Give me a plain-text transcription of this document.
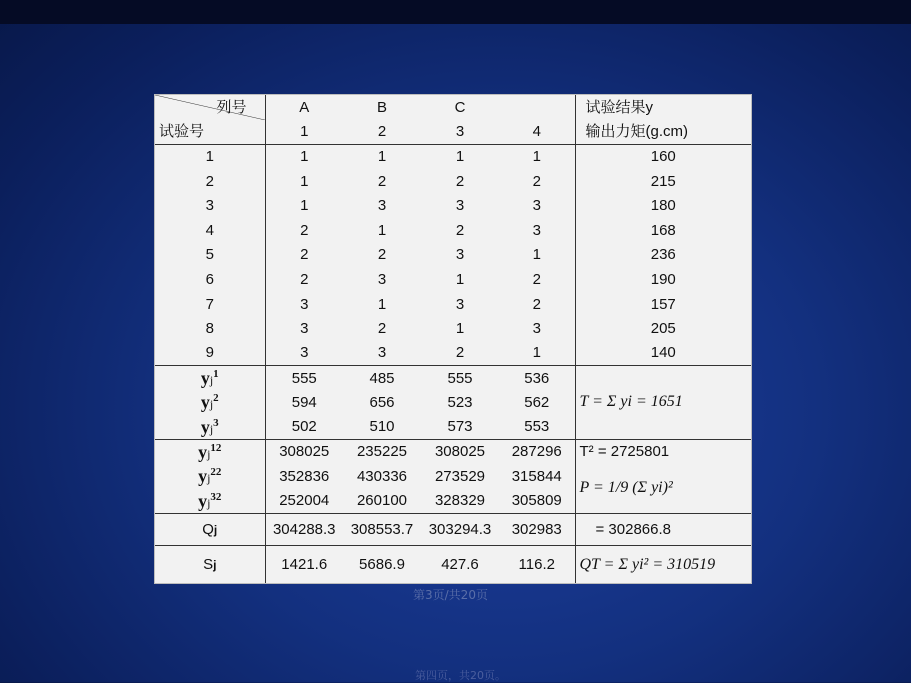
列号	A	B	C		试验结果y
试验号	1	2	3	4	输出力矩(g.cm)
1	1	1	1	1	160
2	1	2	2	2	215
3	1	3	3	3	180
4	2	1	2	3	168
5	2	2	3	1	236
6	2	3	1	2	190
7	3	1	3	2	157
8	3	2	1	3	205
9	3	3	2	1	140
$yj^1$	555	485	555	536	T = Σ yi = 1651
$yj^2$	594	656	523	562	
$yj^3$	502	510	573	553	
$yj^{12}$	308025	235225	308025	287296	T² = 2725801
$yj^{22}$	352836	430336	273529	315844	P = 1/9 (Σ yi)²
$yj^{32}$	252004	260100	328329	305809	
Qj	304288.3	308553.7	303294.3	302983	= 302866.8
Sj	1421.6	5686.9	427.6	116.2	QT = Σ yi² = 310519
第3页/共20页
第四页，共20页。
